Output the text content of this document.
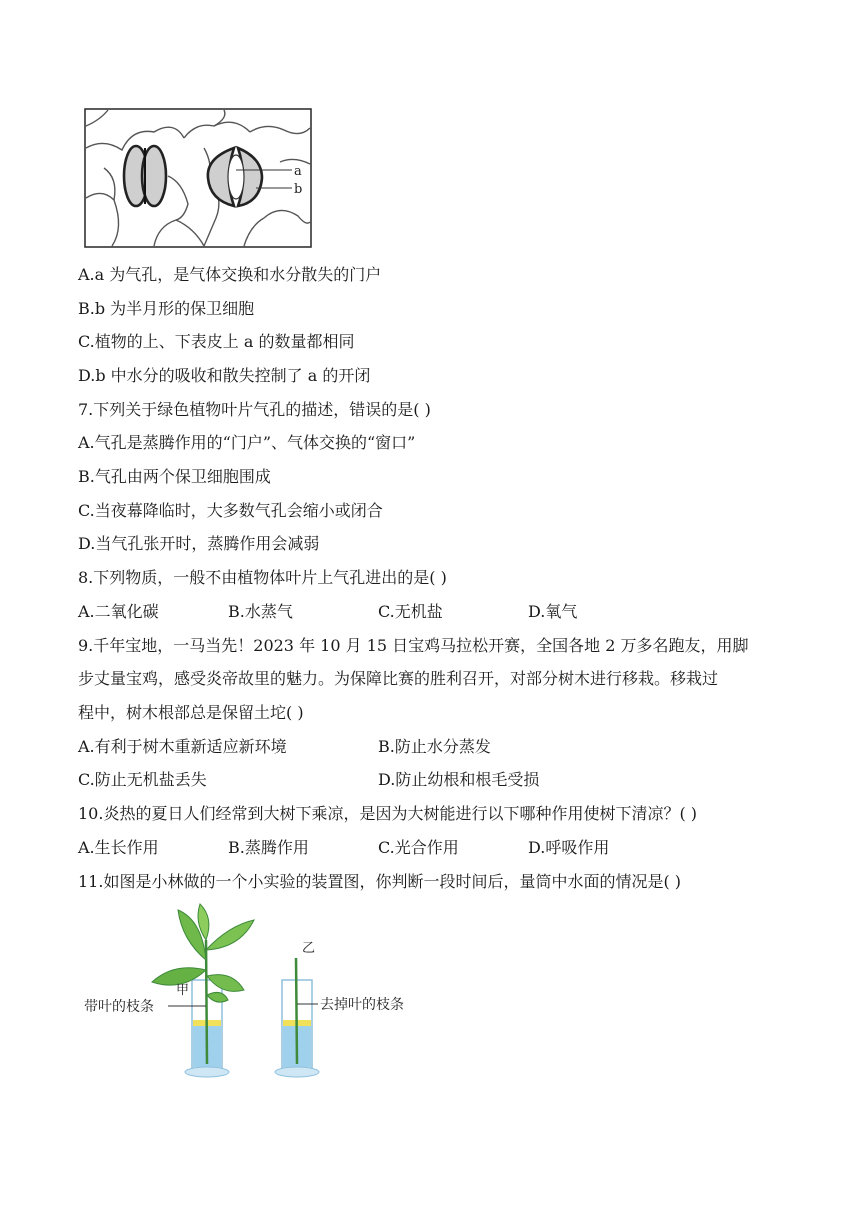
a
b
A.a 为气孔，是气体交换和水分散失的门户
B.b 为半月形的保卫细胞
C.植物的上、下表皮上 a 的数量都相同
D.b 中水分的吸收和散失控制了 a 的开闭
7.下列关于绿色植物叶片气孔的描述，错误的是( )
A.气孔是蒸腾作用的“门户”、气体交换的“窗口”
B.气孔由两个保卫细胞围成
C.当夜幕降临时，大多数气孔会缩小或闭合
D.当气孔张开时，蒸腾作用会减弱
8.下列物质，一般不由植物体叶片上气孔进出的是( )
A.二氧化碳	B.水蒸气	C.无机盐	D.氧气
9.千年宝地，一马当先！2023 年 10 月 15 日宝鸡马拉松开赛，全国各地 2 万多名跑友，用脚
步丈量宝鸡，感受炎帝故里的魅力。为保障比赛的胜利召开，对部分树木进行移栽。移栽过
程中，树木根部总是保留土坨( )
A.有利于树木重新适应新环境	B.防止水分蒸发
C.防止无机盐丢失	D.防止幼根和根毛受损
10.炎热的夏日人们经常到大树下乘凉，是因为大树能进行以下哪种作用使树下清凉？( )
A.生长作用	B.蒸腾作用	C.光合作用	D.呼吸作用
11.如图是小林做的一个小实验的装置图，你判断一段时间后，量筒中水面的情况是( )
甲
带叶的枝条
乙
去掉叶的枝条
